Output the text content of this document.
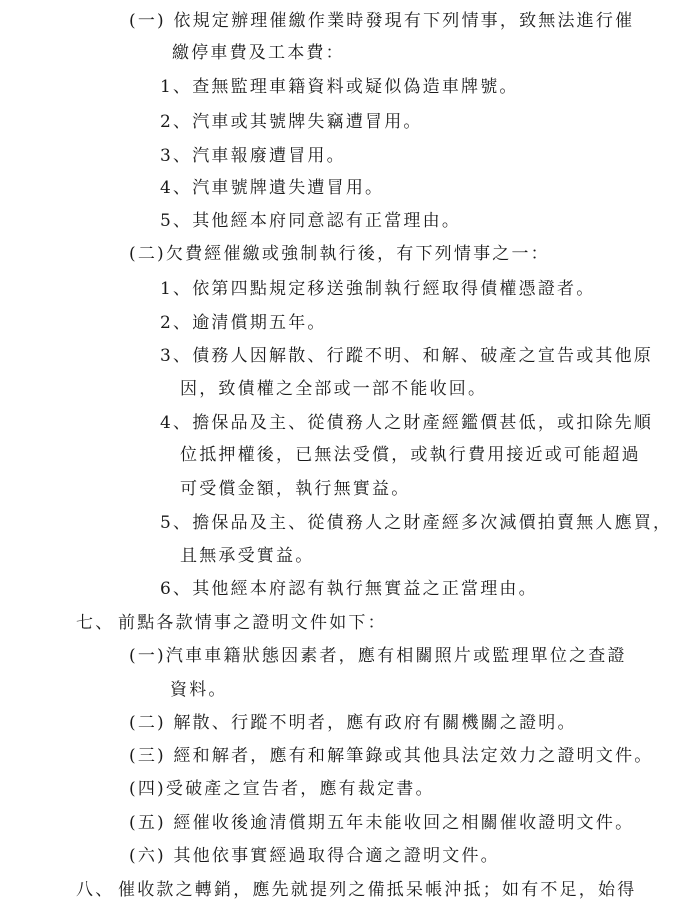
(一) 依規定辦理催繳作業時發現有下列情事，致無法進行催
繳停車費及工本費：
1、查無監理車籍資料或疑似偽造車牌號。
2、汽車或其號牌失竊遭冒用。
3、汽車報廢遭冒用。
4、汽車號牌遺失遭冒用。
5、其他經本府同意認有正當理由。
(二)欠費經催繳或強制執行後，有下列情事之一：
1、依第四點規定移送強制執行經取得債權憑證者。
2、逾清償期五年。
3、債務人因解散、行蹤不明、和解、破產之宣告或其他原
因，致債權之全部或一部不能收回。
4、擔保品及主、從債務人之財產經鑑價甚低，或扣除先順
位抵押權後，已無法受償，或執行費用接近或可能超過
可受償金額，執行無實益。
5、擔保品及主、從債務人之財產經多次減價拍賣無人應買，
且無承受實益。
6、其他經本府認有執行無實益之正當理由。
七、 前點各款情事之證明文件如下：
(一)汽車車籍狀態因素者，應有相關照片或監理單位之查證
資料。
(二) 解散、行蹤不明者，應有政府有關機關之證明。
(三) 經和解者，應有和解筆錄或其他具法定效力之證明文件。
(四)受破產之宣告者，應有裁定書。
(五) 經催收後逾清償期五年未能收回之相關催收證明文件。
(六) 其他依事實經過取得合適之證明文件。
八、 催收款之轉銷，應先就提列之備抵呆帳沖抵；如有不足，始得
